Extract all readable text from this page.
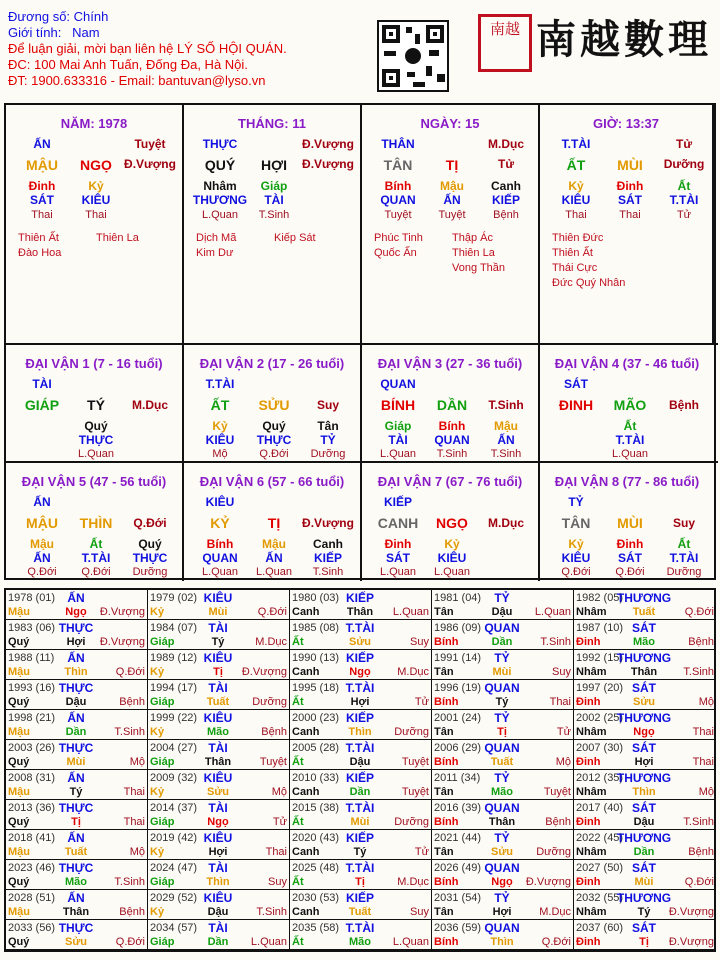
Đương số: Chính
Giới tính: Nam
Để luận giải, mời bạn liên hệ LÝ SỐ HỘI QUÁN.
ĐC: 100 Mai Anh Tuấn, Đống Đa, Hà Nội.
ĐT: 1900.633316 - Email: bantuvan@lyso.vn
南越 南越數理
NĂM: 1978
ẤN	Tuyệt
MẬU NGỌ Đ.Vượng
Đinh
SÁT
Thai
Kỷ
KIÊU
Thai
Thiên Ất
Đào Hoa
Thiên La
THÁNG: 11
THỰC	Đ.Vượng
QUÝ HỢI Đ.Vượng
Nhâm
THƯƠNG
L.Quan
Giáp
TÀI
T.Sinh
Dịch Mã
Kim Dư
Kiếp Sát
NGÀY: 15
THÂN	M.Dục
TÂN TỊ	Tử
Bính
QUAN
Tuyệt
Mậu
ẤN
Tuyệt
Canh
KIẾP
Bệnh
Phúc Tinh
Quốc Ấn
Thập Ác
Thiên La
Vong Thần
GIỜ: 13:37
T.TÀI	Tử
ẤT MÙI Dưỡng
Kỷ
KIÊU
Thai
Đinh
SÁT
Thai
Ất
T.TÀI
Tử
Thiên Đức
Thiên Ất
Thái Cực
Đức Quý Nhân
ĐẠI VẬN 1 (7 - 16 tuổi)
TÀI
GIÁP TÝ M.Dục
Quý
THỰC
L.Quan
ĐẠI VẬN 2 (17 - 26 tuổi)
T.TÀI
ẤT SỬU Suy
Kỷ
KIÊU
Mộ
Quý
THỰC
Q.Đới
Tân
TỶ
Dưỡng
ĐẠI VẬN 3 (27 - 36 tuổi)
QUAN
BÍNH DẦN T.Sinh
Giáp
TÀI
L.Quan
Bính
QUAN
T.Sinh
Mậu
ẤN
T.Sinh
ĐẠI VẬN 4 (37 - 46 tuổi)
SÁT
ĐINH MÃO Bệnh
Ất
T.TÀI
L.Quan
ĐẠI VẬN 5 (47 - 56 tuổi)
ẤN
MẬU THÌN Q.Đới
Mậu
ẤN
Q.Đới
Ất
T.TÀI
Q.Đới
Quý
THỰC
Dưỡng
ĐẠI VẬN 6 (57 - 66 tuổi)
KIÊU
KỶ	TỊ Đ.Vượng
Bính
QUAN
L.Quan
Mậu
ẤN
L.Quan
Canh
KIẾP
T.Sinh
ĐẠI VẬN 7 (67 - 76 tuổi)
KIẾP
CANH NGỌ M.Dục
Đinh
SÁT
L.Quan
Kỷ
KIÊU
L.Quan
ĐẠI VẬN 8 (77 - 86 tuổi)
TỶ
TÂN MÙI	Suy
Kỷ
KIÊU
Q.Đới
Đinh
SÁT
Q.Đới
Ất
T.TÀI
Dưỡng
1978 (01) ẤN
Mậu	Ngọ Đ.Vượng
1979 (02) KIÊU
Kỷ	Mùi	Q.Đới
1980 (03) KIẾP
Canh Thân L.Quan
1981 (04) TỶ
Tân	Dậu L.Quan
1982 (05)
THƯƠNG
Nhâm Tuất	Q.Đới
1983 (06) THỰC
Quý	Hợi Đ.Vượng
1984 (07) TÀI
Giáp	Tý	M.Dục
1985 (08) T.TÀI
Ất	Sửu	Suy
1986 (09) QUAN
Bính	Dần	T.Sinh
1987 (10) SÁT
Đinh	Mão	Bệnh
1988 (11) ẤN
Mậu	Thìn	Q.Đới
1989 (12) KIÊU
Kỷ	Tị Đ.Vượng
1990 (13) KIẾP
Canh	Ngọ M.Dục
1991 (14) TỶ
Tân	Mùi	Suy
1992 (15)
THƯƠNG
Nhâm Thân T.Sinh
1993 (16) THỰC
Quý	Dậu	Bệnh
1994 (17) TÀI
Giáp	Tuất Dưỡng
1995 (18) T.TÀI
Ất	Hợi	Tử
1996 (19) QUAN
Bính	Tý	Thai
1997 (20) SÁT
Đinh	Sửu	Mộ
1998 (21) ẤN
Mậu	Dần	T.Sinh
1999 (22) KIÊU
Kỷ	Mão	Bệnh
2000 (23) KIẾP
Canh	Thìn Dưỡng
2001 (24) TỶ
Tân	Tị	Tử
2002 (25)
THƯƠNG
Nhâm Ngọ	Thai
2003 (26) THỰC
Quý	Mùi	Mộ
2004 (27) TÀI
Giáp	Thân	Tuyệt
2005 (28) T.TÀI
Ất	Dậu	Tuyệt
2006 (29) QUAN
Bính	Tuất	Mộ
2007 (30) SÁT
Đinh	Hợi	Thai
2008 (31) ẤN
Mậu	Tý	Thai
2009 (32) KIÊU
Kỷ	Sửu	Mộ
2010 (33) KIẾP
Canh	Dần	Tuyệt
2011 (34) TỶ
Tân	Mão	Tuyệt
2012 (35)
THƯƠNG
Nhâm Thìn	Mộ
2013 (36) THỰC
Quý	Tị	Thai
2014 (37) TÀI
Giáp	Ngọ	Tử
2015 (38) T.TÀI
Ất	Mùi Dưỡng
2016 (39) QUAN
Bính	Thân	Bệnh
2017 (40) SÁT
Đinh	Dậu	T.Sinh
2018 (41) ẤN
Mậu	Tuất	Mộ
2019 (42) KIÊU
Kỷ	Hợi	Thai
2020 (43) KIẾP
Canh	Tý	Tử
2021 (44) TỶ
Tân	Sửu Dưỡng
2022 (45)
THƯƠNG
Nhâm Dần	Bệnh
2023 (46) THỰC
Quý	Mão T.Sinh
2024 (47) TÀI
Giáp	Thìn	Suy
2025 (48) T.TÀI
Ất	Tị	M.Dục
2026 (49) QUAN
Bính	Ngọ Đ.Vượng
2027 (50) SÁT
Đinh	Mùi	Q.Đới
2028 (51) ẤN
Mậu	Thân	Bệnh
2029 (52) KIÊU
Kỷ	Dậu	T.Sinh
2030 (53) KIẾP
Canh	Tuất	Suy
2031 (54) TỶ
Tân	Hợi	M.Dục
2032 (55)
THƯƠNG
Nhâm	Tý Đ.Vượng
2033 (56) THỰC
Quý	Sửu	Q.Đới
2034 (57) TÀI
Giáp	Dần L.Quan
2035 (58) T.TÀI
Ất	Mão L.Quan
2036 (59) QUAN
Bính	Thìn	Q.Đới
2037 (60) SÁT
Đinh	Tị Đ.Vượng
